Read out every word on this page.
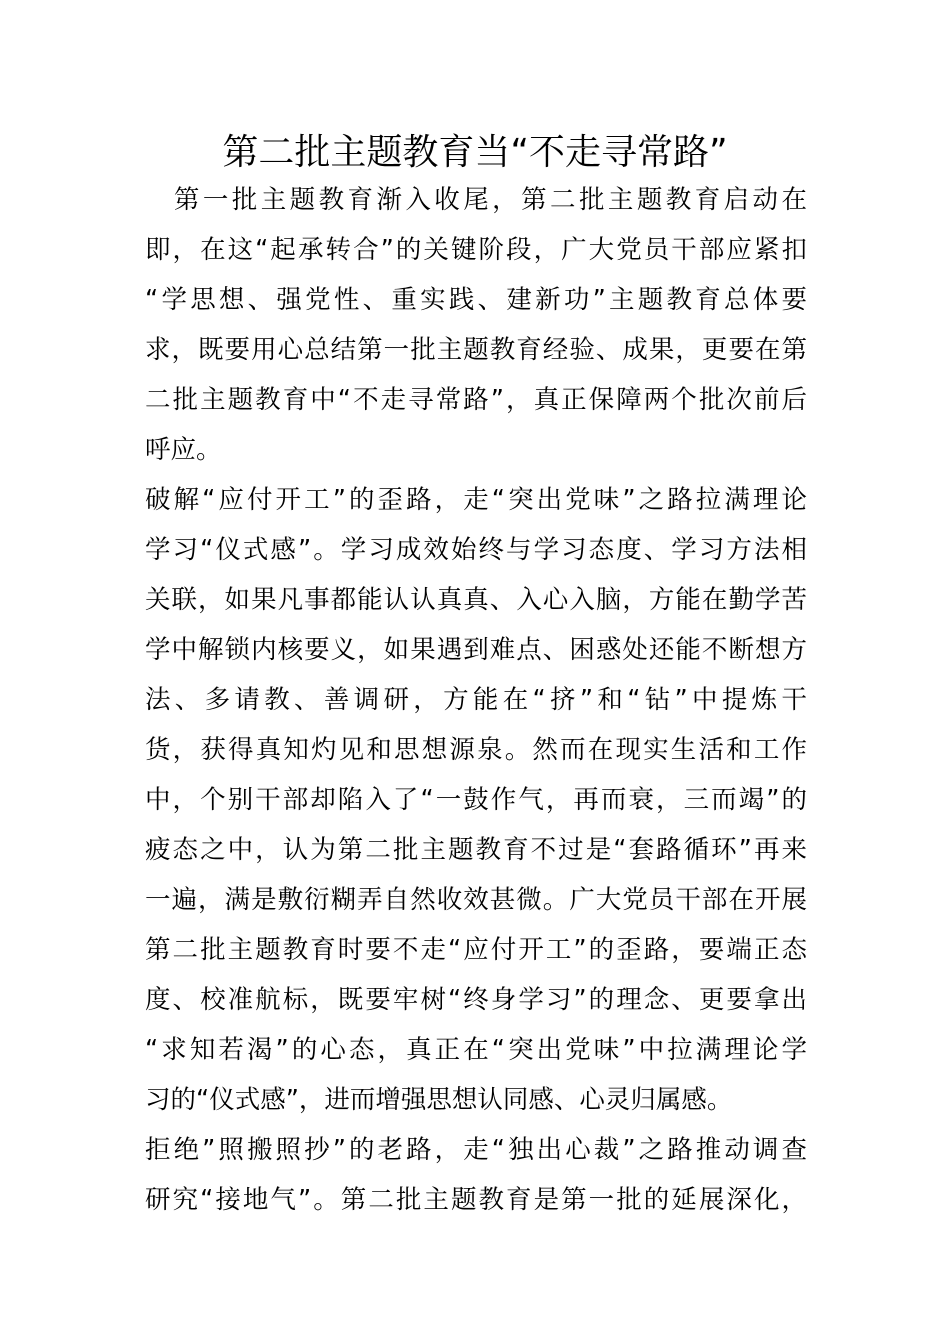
第二批主题教育当“不走寻常路”
　第一批主题教育渐入收尾，第二批主题教育启动在
即，在这“起承转合”的关键阶段，广大党员干部应紧扣
“学思想、强党性、重实践、建新功”主题教育总体要
求，既要用心总结第一批主题教育经验、成果，更要在第
二批主题教育中“不走寻常路”，真正保障两个批次前后
呼应。
破解“应付开工”的歪路，走“突出党味”之路拉满理论
学习“仪式感”。学习成效始终与学习态度、学习方法相
关联，如果凡事都能认认真真、入心入脑，方能在勤学苦
学中解锁内核要义，如果遇到难点、困惑处还能不断想方
法、多请教、善调研，方能在“挤”和“钻”中提炼干
货，获得真知灼见和思想源泉。然而在现实生活和工作
中，个别干部却陷入了“一鼓作气，再而衰，三而竭”的
疲态之中，认为第二批主题教育不过是“套路循环”再来
一遍，满是敷衍糊弄自然收效甚微。广大党员干部在开展
第二批主题教育时要不走“应付开工”的歪路，要端正态
度、校准航标，既要牢树“终身学习”的理念、更要拿出
“求知若渴”的心态，真正在“突出党味”中拉满理论学
习的“仪式感”，进而增强思想认同感、心灵归属感。
拒绝”照搬照抄”的老路，走“独出心裁”之路推动调查
研究“接地气”。第二批主题教育是第一批的延展深化，
